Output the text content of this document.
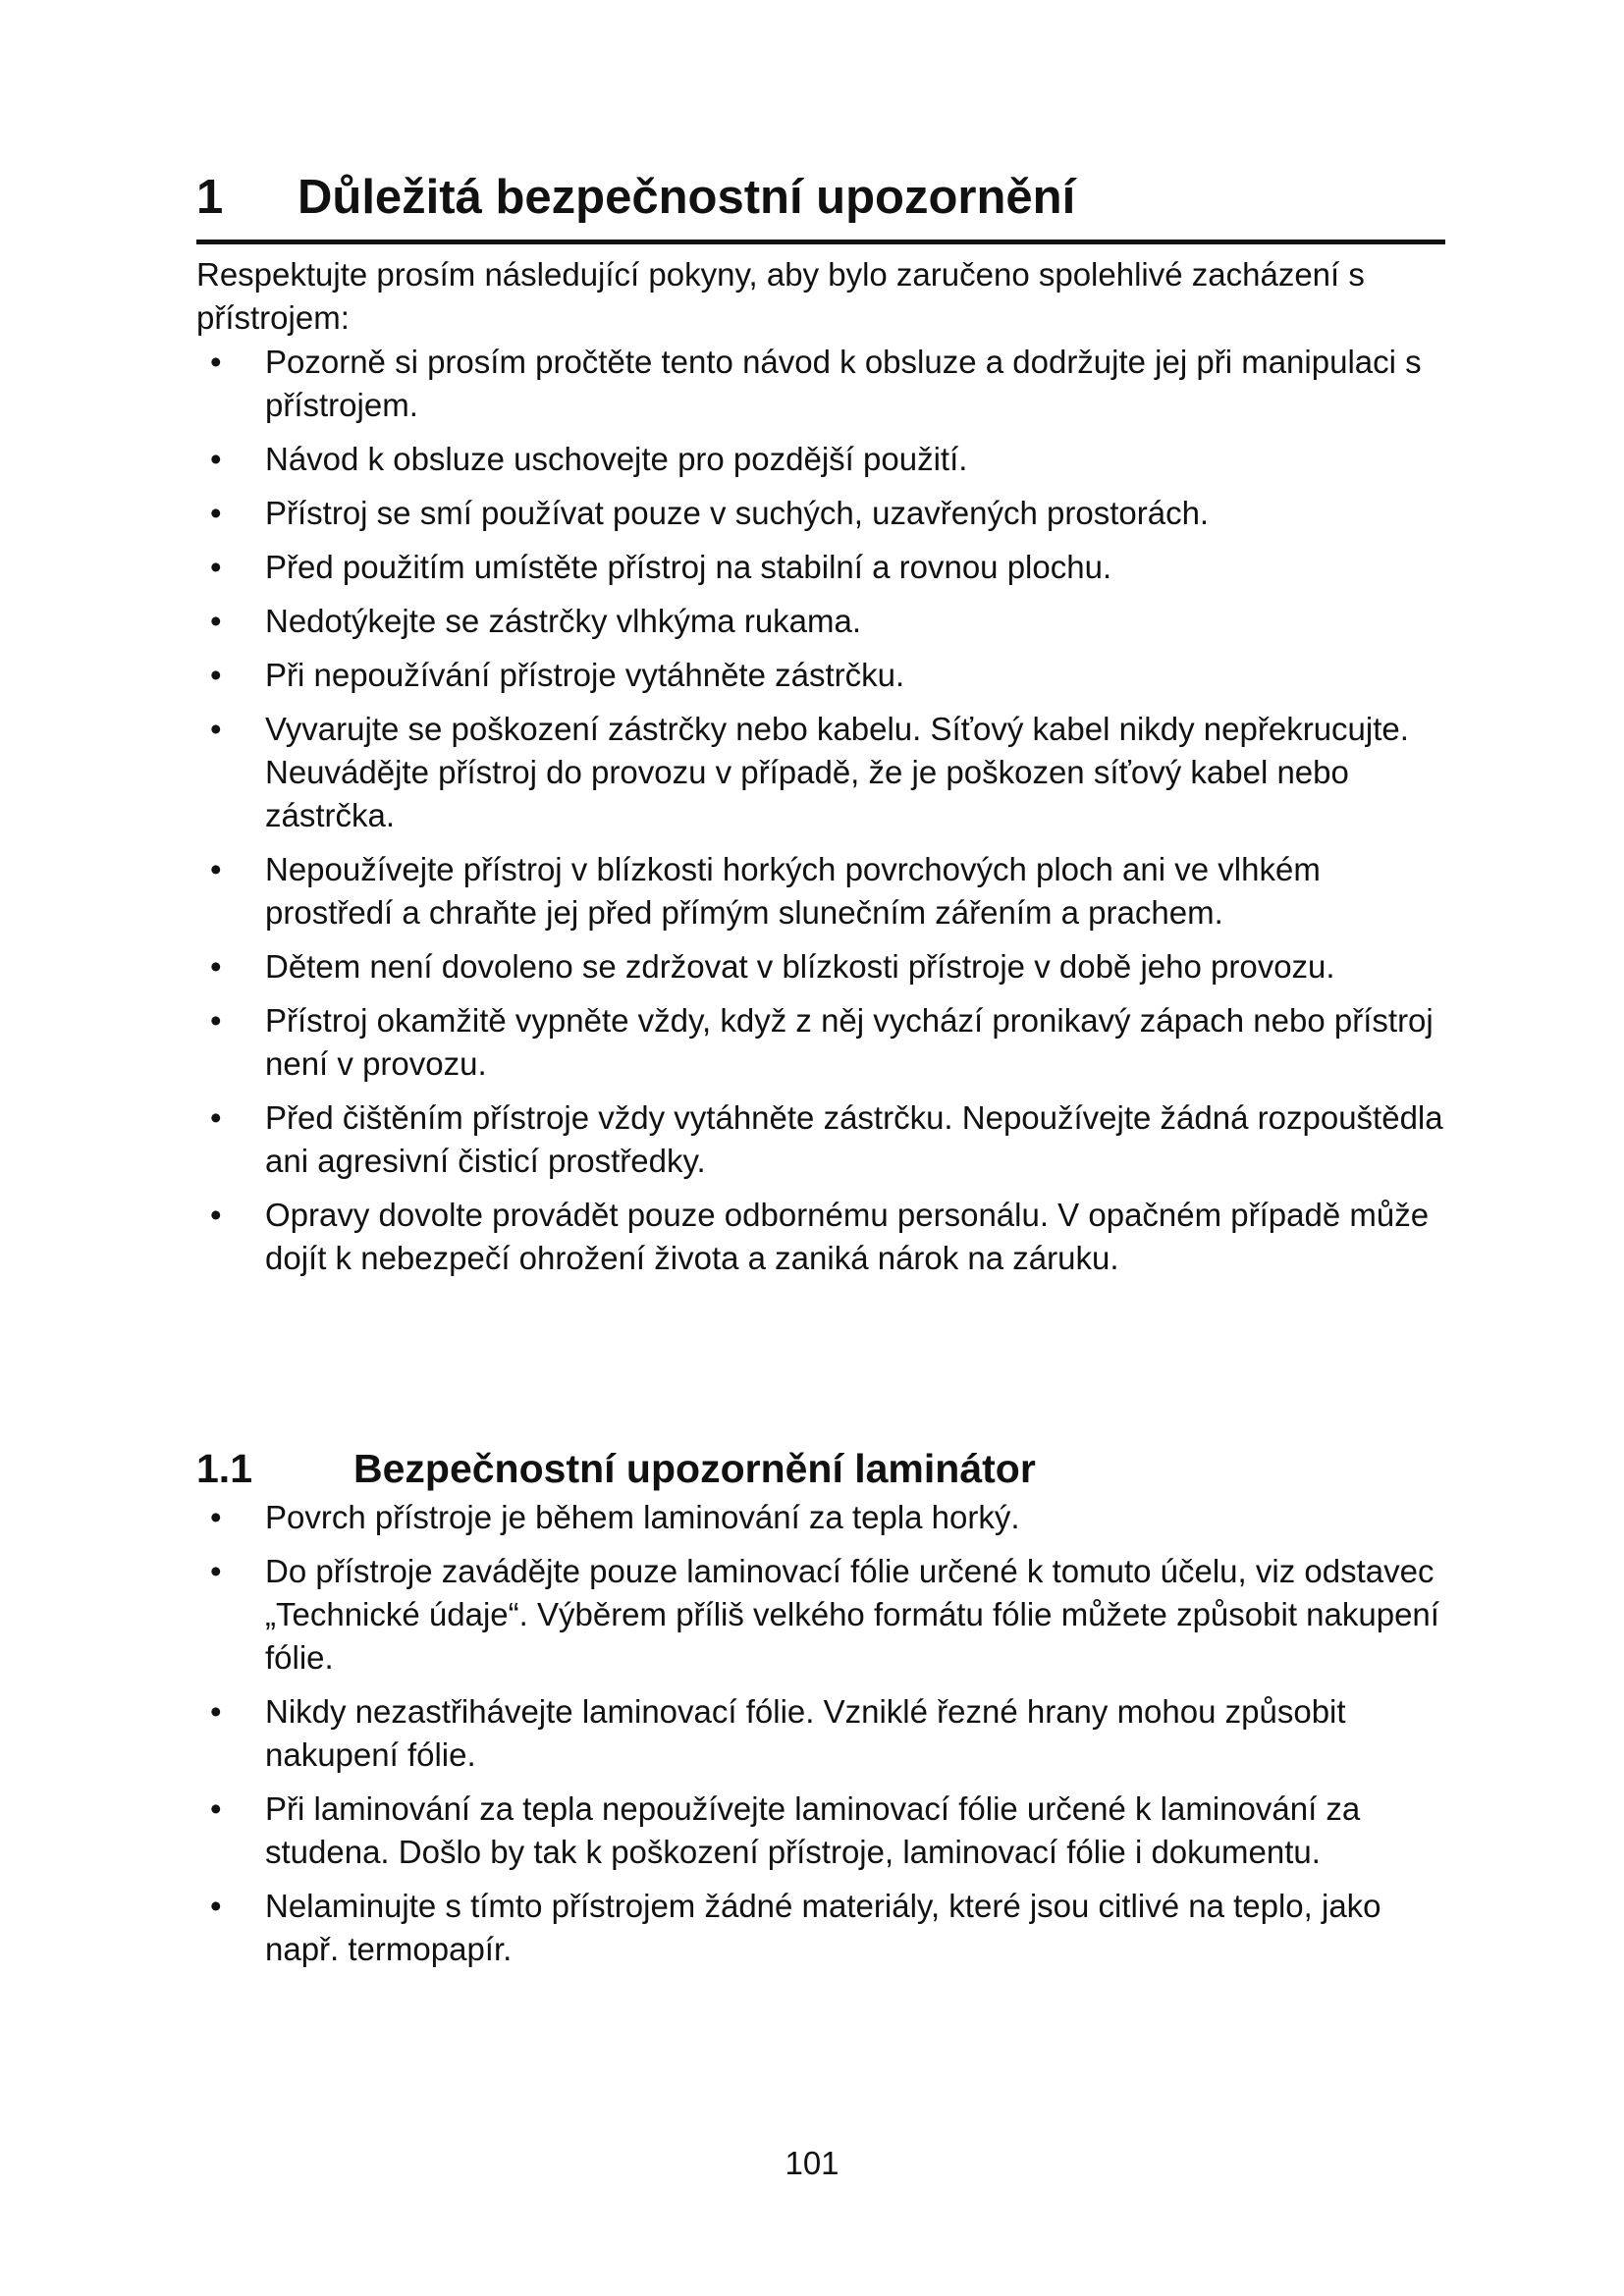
1 Důležitá bezpečnostní upozornění

Respektujte prosím následující pokyny, aby bylo zaručeno spolehlivé zacházení s přístrojem:

• Pozorně si prosím pročtěte tento návod k obsluze a dodržujte jej při manipulaci s přístrojem.
• Návod k obsluze uschovejte pro pozdější použití.
• Přístroj se smí používat pouze v suchých, uzavřených prostorách.
• Před použitím umístěte přístroj na stabilní a rovnou plochu.
• Nedotýkejte se zástrčky vlhkýma rukama.
• Při nepoužívání přístroje vytáhněte zástrčku.
• Vyvarujte se poškození zástrčky nebo kabelu. Síťový kabel nikdy nepřekrucujte. Neuvádějte přístroj do provozu v případě, že je poškozen síťový kabel nebo zástrčka.
• Nepoužívejte přístroj v blízkosti horkých povrchových ploch ani ve vlhkém prostředí a chraňte jej před přímým slunečním zářením a prachem.
• Dětem není dovoleno se zdržovat v blízkosti přístroje v době jeho provozu.
• Přístroj okamžitě vypněte vždy, když z něj vychází pronikavý zápach nebo přístroj není v provozu.
• Před čištěním přístroje vždy vytáhněte zástrčku. Nepoužívejte žádná rozpouštědla ani agresivní čisticí prostředky.
• Opravy dovolte provádět pouze odbornému personálu. V opačném případě může dojít k nebezpečí ohrožení života a zaniká nárok na záruku.
1.1	Bezpečnostní upozornění laminátor
• Povrch přístroje je během laminování za tepla horký.
• Do přístroje zavádějte pouze laminovací fólie určené k tomuto účelu, viz odstavec „Technické údaje“. Výběrem příliš velkého formátu fólie můžete způsobit nakupení fólie.
• Nikdy nezastřihávejte laminovací fólie. Vzniklé řezné hrany mohou způsobit nakupení fólie.
• Při laminování za tepla nepoužívejte laminovací fólie určené k laminování za studena. Došlo by tak k poškození přístroje, laminovací fólie i dokumentu.
• Nelaminujte s tímto přístrojem žádné materiály, které jsou citlivé na teplo, jako např. termopapír.
101
